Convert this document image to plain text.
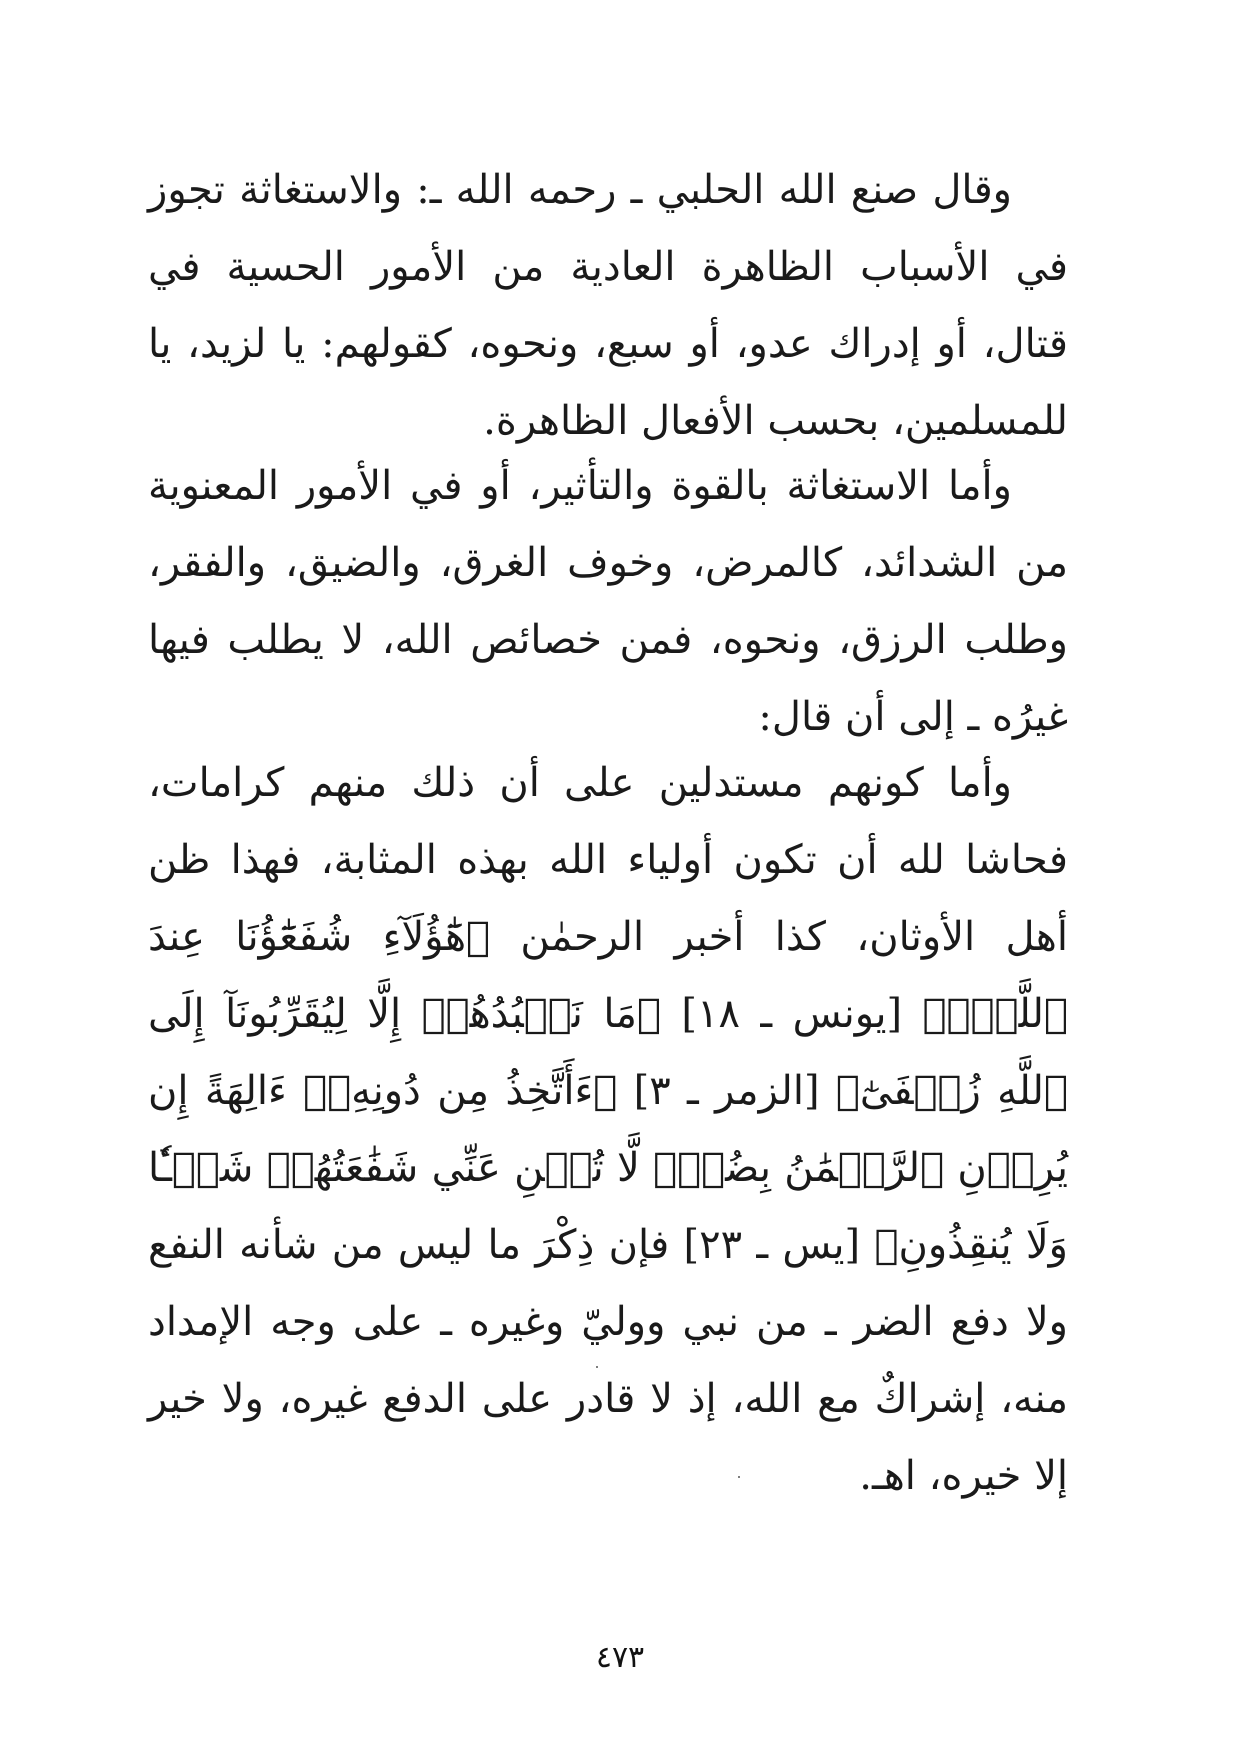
وقال صنع الله الحلبي ـ رحمه الله ـ: والاستغاثة تجوز في الأسباب الظاهرة العادية من الأمور الحسية في قتال، أو إدراك عدو، أو سبع، ونحوه، كقولهم: يا لزيد، يا للمسلمين، بحسب الأفعال الظاهرة.

وأما الاستغاثة بالقوة والتأثير، أو في الأمور المعنوية من الشدائد، كالمرض، وخوف الغرق، والضيق، والفقر، وطلب الرزق، ونحوه، فمن خصائص الله، لا يطلب فيها غيرُه ـ إلى أن قال:

وأما كونهم مستدلين على أن ذلك منهم كرامات، فحاشا لله أن تكون أولياء الله بهذه المثابة، فهذا ظن أهل الأوثان، كذا أخبر الرحمٰن ﴿هَٰٓؤُلَآءِ شُفَعَٰٓؤُنَا عِندَ ٱللَّهِۚ﴾ [يونس ـ ١٨] ﴿مَا نَعۡبُدُهُمۡ إِلَّا لِيُقَرِّبُونَآ إِلَى ٱللَّهِ زُلۡفَىٰٓ﴾ [الزمر ـ ٣] ﴿ءَأَتَّخِذُ مِن دُونِهِۦٓ ءَالِهَةً إِن يُرِدۡنِ ٱلرَّحۡمَٰنُ بِضُرّٖ لَّا تُغۡنِ عَنِّي شَفَٰعَتُهُمۡ شَيۡـٔٗا وَلَا يُنقِذُونِ﴾ [يس ـ ٢٣] فإن ذِكْرَ ما ليس من شأنه النفع ولا دفع الضر ـ من نبي ووليّ وغيره ـ على وجه الإمداد منه، إشراكٌ مع الله، إذ لا قادر على الدفع غيره، ولا خير إلا خيره، اهـ.

٤٧٣
